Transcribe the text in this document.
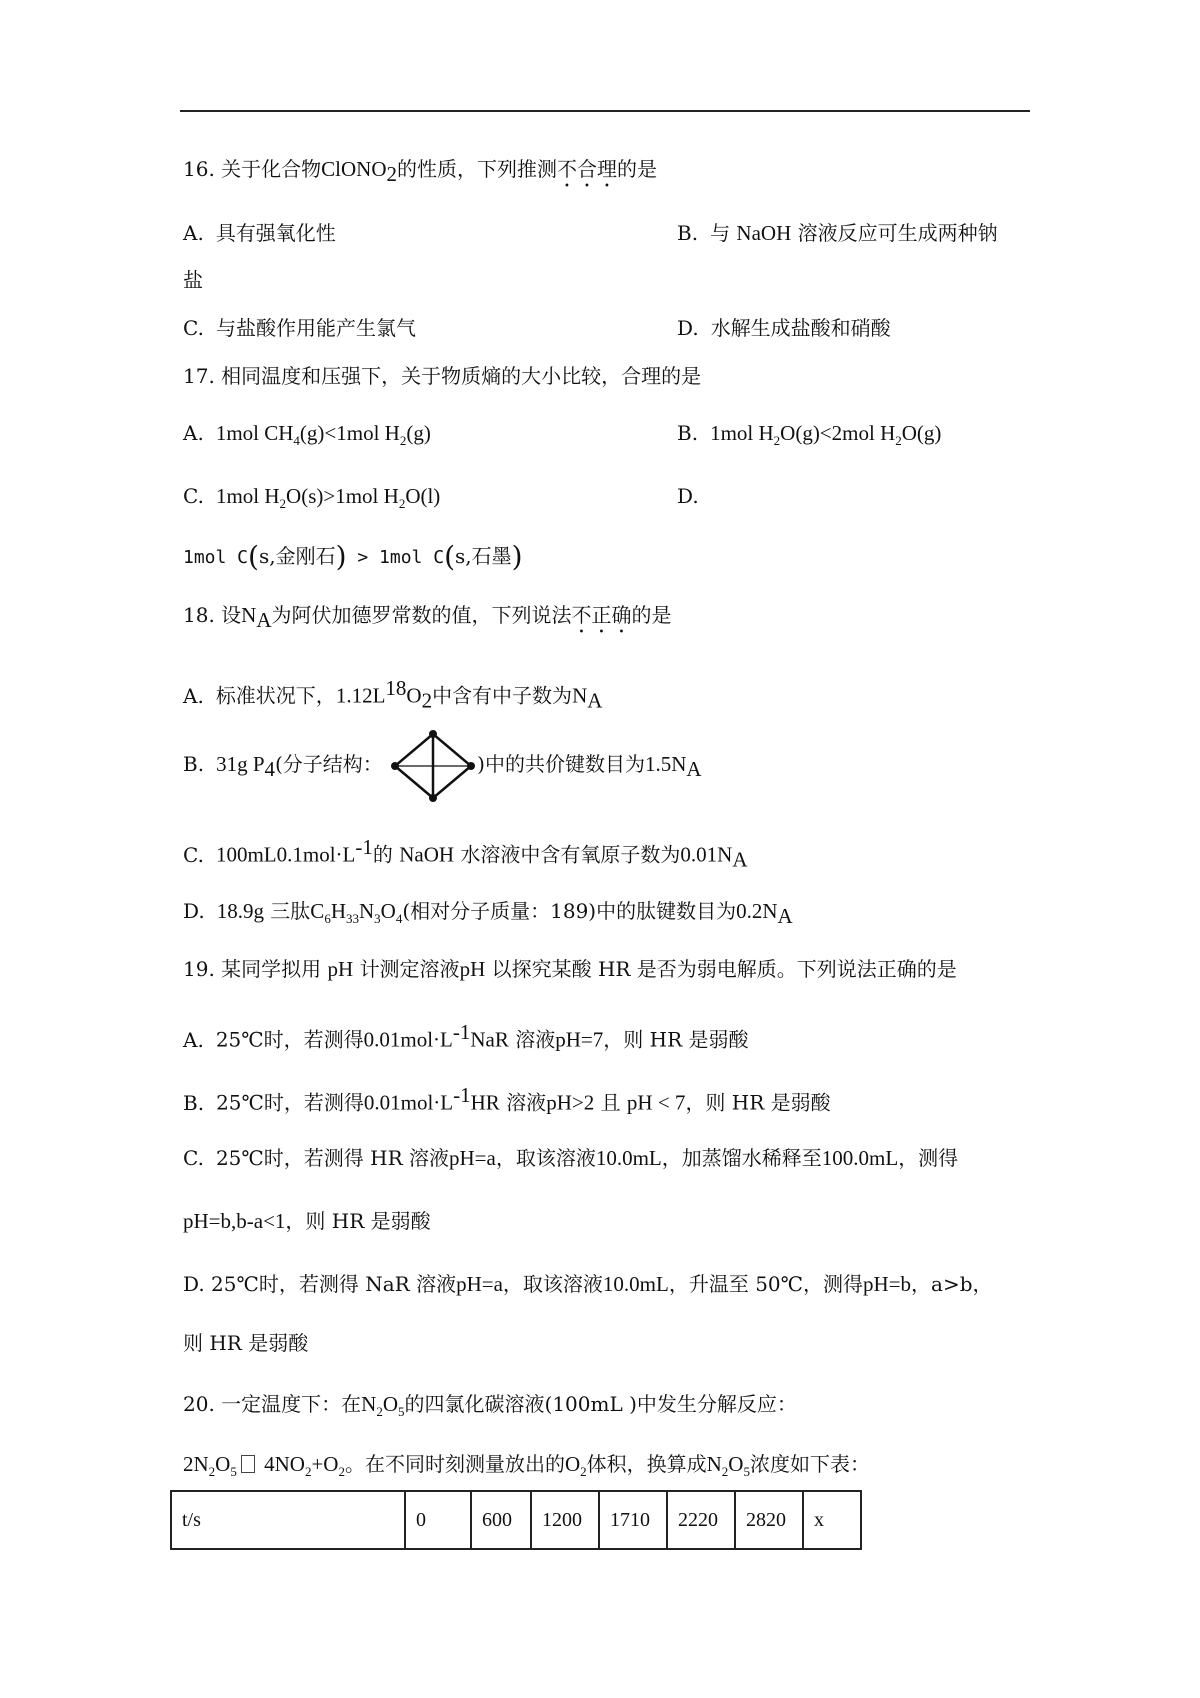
16. 关于化合物ClONO$_2$的性质，下列推测不合理的是
A. 具有强氧化性	B. 与 NaOH 溶液反应可生成两种钠
盐
C. 与盐酸作用能产生氯气	D. 水解生成盐酸和硝酸
17. 相同温度和压强下，关于物质熵的大小比较，合理的是
A. 1mol $CH_4(g)<1mol$ $H_2(g)$	B. 1mol $H_2O(g)<2mol$ $H_2O(g)$
C. 1mol $H_2O(s)>1mol$ $H_2O(l)$	D.
1mol C(s,金刚石) > 1mol C(s,石墨)
18. 设$N_A$为阿伏加德罗常数的值，下列说法不正确的是
A. 标准状况下，$1.12L^{18}O_2$中含有中子数为$N_A$
B. 31g $P_4$(分子结构：	)中的共价键数目为$1.5N_A$
C. $100mL0.1mol\cdot L^{-1}$的 NaOH 水溶液中含有氧原子数为$0.01N_A$
D. 18.9g 三肽$C_6H_{33}N_3O_4$(相对分子质量：189)中的肽键数目为$0.2N_A$
19. 某同学拟用 pH 计测定溶液pH 以探究某酸 HR 是否为弱电解质。下列说法正确的是
A. 25℃时，若测得$0.01mol\cdot L^{-1}NaR$ 溶液pH=7，则 HR 是弱酸
B. 25℃时，若测得$0.01mol\cdot L^{-1}HR$ 溶液pH>2 且 pH < 7，则 HR 是弱酸
C. 25℃时，若测得 HR 溶液pH=a，取该溶液10.0mL，加蒸馏水稀释至100.0mL，测得
pH=b,b-a<1，则 HR 是弱酸
D. 25℃时，若测得 NaR 溶液pH=a，取该溶液10.0mL，升温至 50℃，测得pH=b，a>b，
则 HR 是弱酸
20. 一定温度下：在$N_2O_5$的四氯化碳溶液(100mL )中发生分解反应：
$2N_2O_5$ $4NO_2+O_2$。在不同时刻测量放出的$O_2$体积，换算成$N_2O_5$浓度如下表：
t/s	0	600	1200	1710	2220	2820	x
